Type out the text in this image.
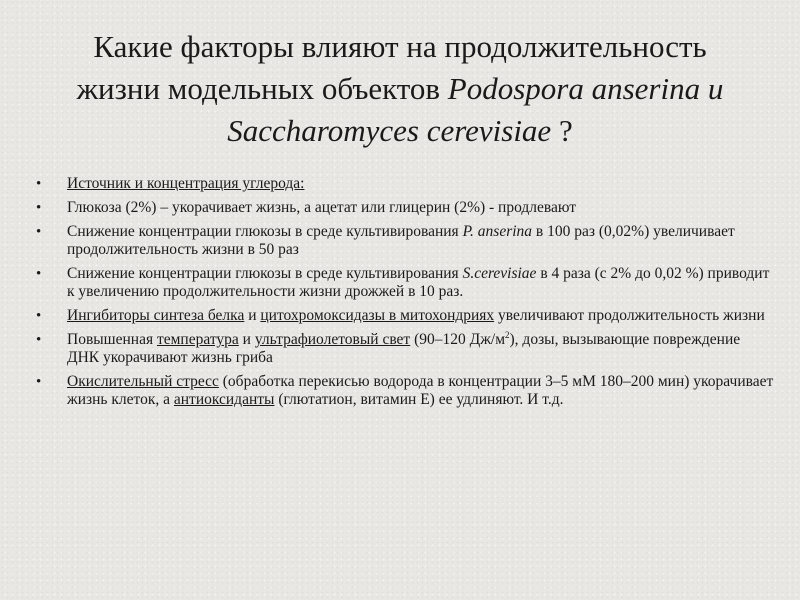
Какие факторы влияют на продолжительность
жизни модельных объектов Podospora anserina и
Saccharomyces cerevisiae ?
• Источник и концентрация углерода:
• Глюкоза (2%) – укорачивает жизнь, а ацетат или глицерин (2%) - продлевают
• Снижение концентрации глюкозы в среде культивирования P. anserina в 100 раз (0,02%) увеличивает продолжительность жизни в 50 раз
• Снижение концентрации глюкозы в среде культивирования S.cerevisiae в 4 раза (с 2% до 0,02 %) приводит к увеличению продолжительности жизни дрожжей в 10 раз.
• Ингибиторы синтеза белка и цитохромоксидазы в митохондриях увеличивают продолжительность жизни
• Повышенная температура и ультрафиолетовый свет (90–120 $Дж/м^2$), дозы, вызывающие повреждение ДНК укорачивают жизнь гриба
• Окислительный стресс (обработка перекисью водорода в концентрации 3–5 мМ 180–200 мин) укорачивает жизнь клеток, а антиоксиданты (глютатион, витамин Е) ее удлиняют. И т.д.
